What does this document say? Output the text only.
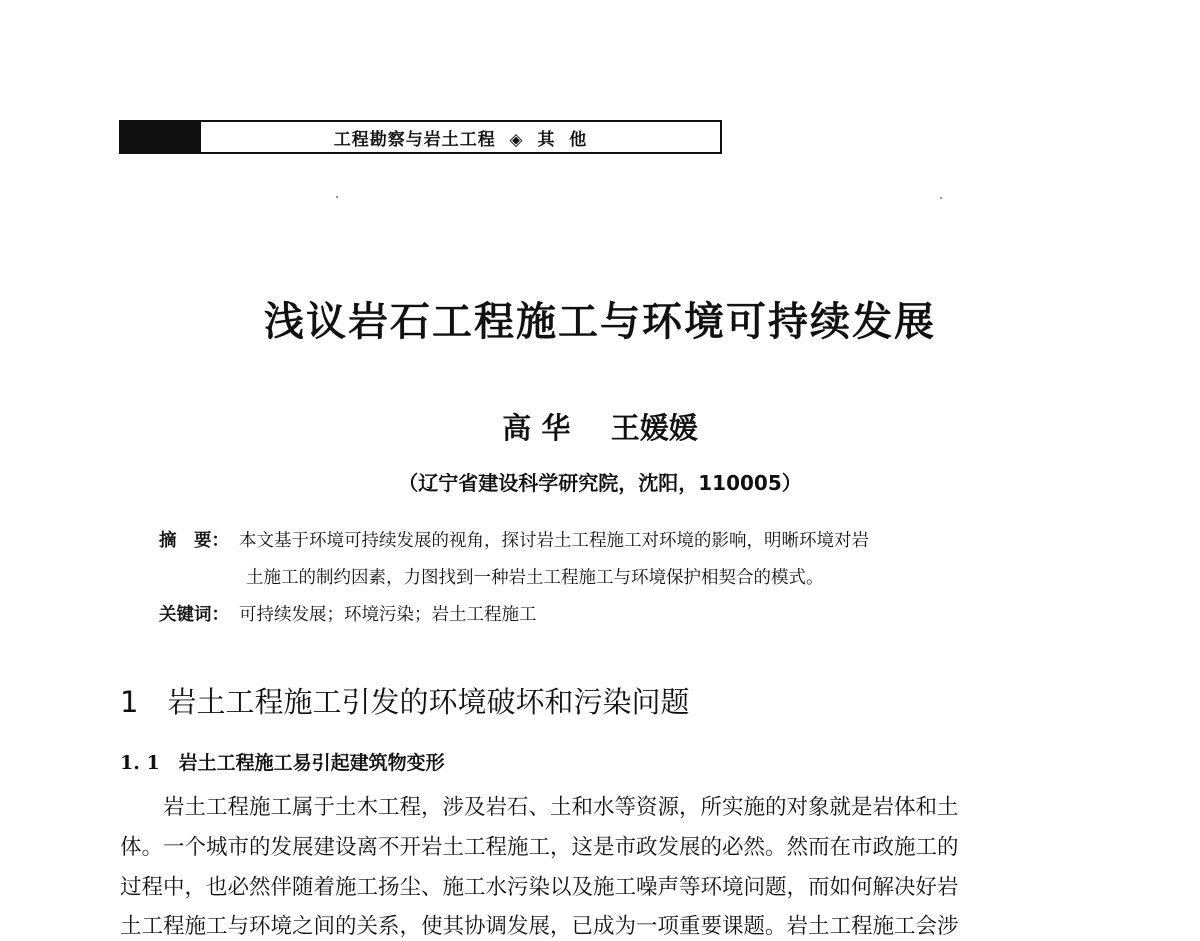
工程勘察与岩土工程  ◈  其  他
浅议岩石工程施工与环境可持续发展
高 华    王媛媛
（辽宁省建设科学研究院，沈阳，110005）
摘　要： 本文基于环境可持续发展的视角，探讨岩土工程施工对环境的影响，明晰环境对岩
土施工的制约因素，力图找到一种岩土工程施工与环境保护相契合的模式。
关键词： 可持续发展；环境污染；岩土工程施工
1　岩土工程施工引发的环境破坏和污染问题
1. 1　岩土工程施工易引起建筑物变形
　　岩土工程施工属于土木工程，涉及岩石、土和水等资源，所实施的对象就是岩体和土
体。一个城市的发展建设离不开岩土工程施工，这是市政发展的必然。然而在市政施工的
过程中，也必然伴随着施工扬尘、施工水污染以及施工噪声等环境问题，而如何解决好岩
土工程施工与环境之间的关系，使其协调发展，已成为一项重要课题。岩土工程施工会涉
